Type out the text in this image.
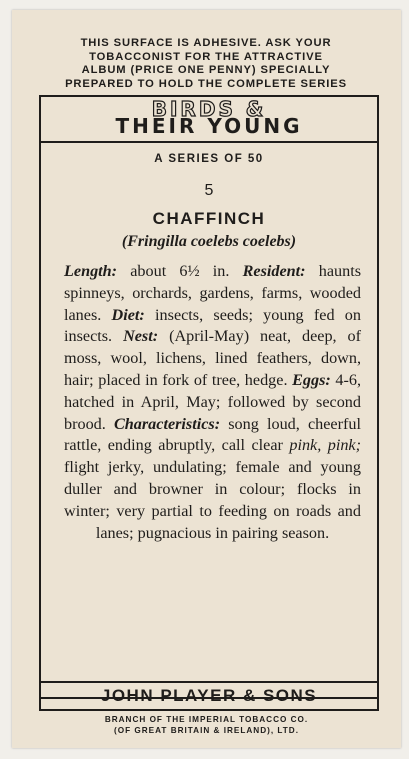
THIS SURFACE IS ADHESIVE. ASK YOUR
TOBACCONIST FOR THE ATTRACTIVE
ALBUM (PRICE ONE PENNY) SPECIALLY
PREPARED TO HOLD THE COMPLETE SERIES
BIRDS &
THEIR YOUNG
A SERIES OF 50
5
CHAFFINCH
(Fringilla coelebs coelebs)
Length: about 6½ in. Resident: haunts spinneys, orchards, gardens, farms, wooded lanes. Diet: insects, seeds; young fed on insects. Nest: (April-May) neat, deep, of moss, wool, lichens, lined feathers, down, hair; placed in fork of tree, hedge. Eggs: 4-6, hatched in April, May; followed by second brood. Characteristics: song loud, cheerful rattle, ending abruptly, call clear pink, pink; flight jerky, undulating; female and young duller and browner in colour; flocks in winter; very partial to feeding on roads and lanes; pugnacious in pairing season.
JOHN PLAYER & SONS
BRANCH OF THE IMPERIAL TOBACCO CO.
(OF GREAT BRITAIN & IRELAND), LTD.
